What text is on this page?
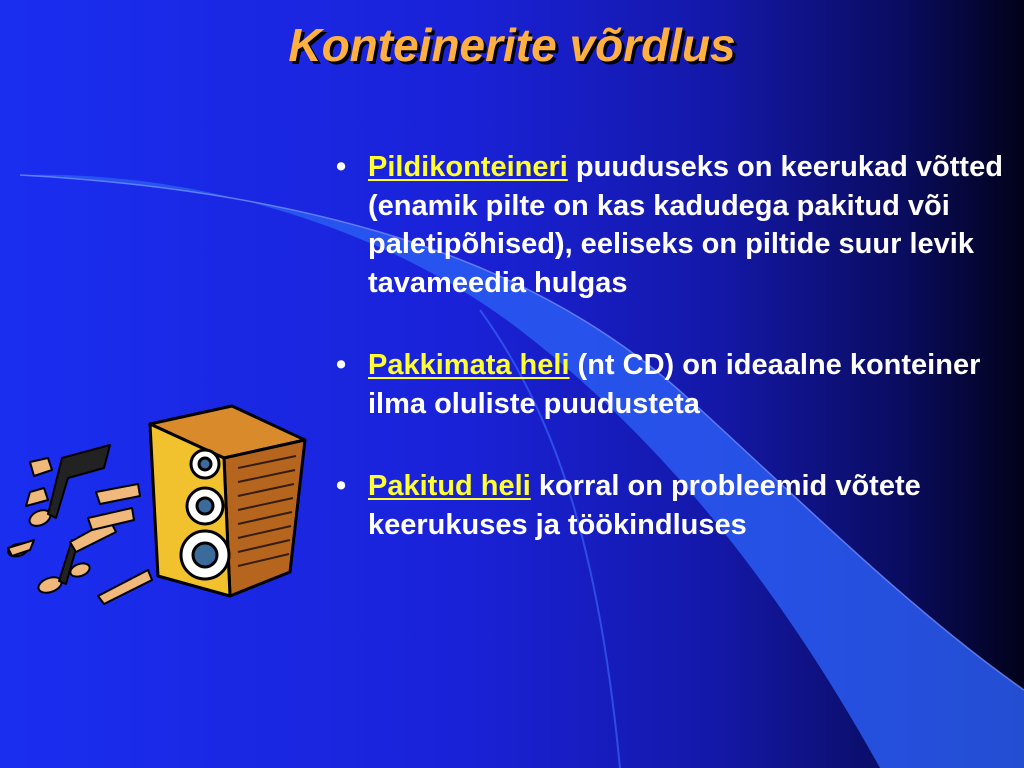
Konteinerite võrdlus
• Pildikonteineri puuduseks on keerukad võtted (enamik pilte on kas kadudega pakitud või paletipõhised), eeliseks on piltide suur levik tavameedia hulgas
• Pakkimata heli (nt CD) on ideaalne konteiner ilma oluliste puudusteta
• Pakitud heli korral on probleemid võtete keerukuses ja töökindluses
